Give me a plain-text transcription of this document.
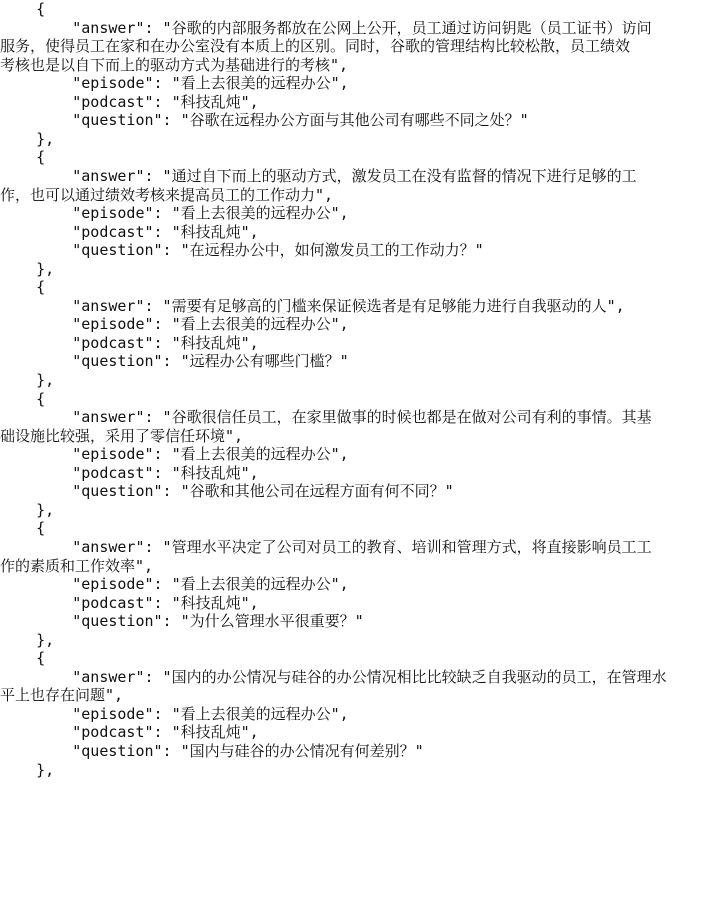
{
"answer": "谷歌的内部服务都放在公网上公开，员工通过访问钥匙（员工证书）访问
服务，使得员工在家和在办公室没有本质上的区别。同时，谷歌的管理结构比较松散，员工绩效
考核也是以自下而上的驱动方式为基础进行的考核",
"episode": "看上去很美的远程办公",
"podcast": "科技乱炖",
"question": "谷歌在远程办公方面与其他公司有哪些不同之处？"
},
{
"answer": "通过自下而上的驱动方式，激发员工在没有监督的情况下进行足够的工
作，也可以通过绩效考核来提高员工的工作动力",
"episode": "看上去很美的远程办公",
"podcast": "科技乱炖",
"question": "在远程办公中，如何激发员工的工作动力？"
},
{
"answer": "需要有足够高的门槛来保证候选者是有足够能力进行自我驱动的人",
"episode": "看上去很美的远程办公",
"podcast": "科技乱炖",
"question": "远程办公有哪些门槛？"
},
{
"answer": "谷歌很信任员工，在家里做事的时候也都是在做对公司有利的事情。其基
础设施比较强，采用了零信任环境",
"episode": "看上去很美的远程办公",
"podcast": "科技乱炖",
"question": "谷歌和其他公司在远程方面有何不同？"
},
{
"answer": "管理水平决定了公司对员工的教育、培训和管理方式，将直接影响员工工
作的素质和工作效率",
"episode": "看上去很美的远程办公",
"podcast": "科技乱炖",
"question": "为什么管理水平很重要？"
},
{
"answer": "国内的办公情况与硅谷的办公情况相比比较缺乏自我驱动的员工，在管理水
平上也存在问题",
"episode": "看上去很美的远程办公",
"podcast": "科技乱炖",
"question": "国内与硅谷的办公情况有何差别？"
},
